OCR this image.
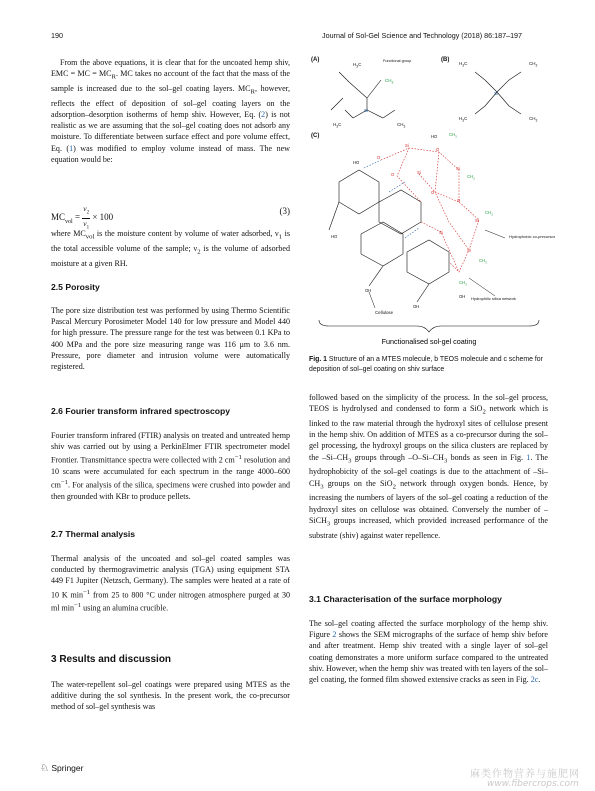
190	Journal of Sol-Gel Science and Technology (2018) 86:187–197

From the above equations, it is clear that for the uncoated hemp shiv, EMC = MC = $MC_R$. MC takes no account of the fact that the mass of the sample is increased due to the sol–gel coating layers. $MC_R$, however, reflects the effect of deposition of sol–gel coating layers on the adsorption–desorption isotherms of hemp shiv. However, Eq. (2) is not realistic as we are assuming that the sol–gel coating does not adsorb any moisture. To differentiate between surface effect and pore volume effect, Eq. (1) was modified to employ volume instead of mass. The new equation would be:

$MC_{vol} = \frac{\nu_2}{\nu_1} \times 100$
(3)

where $MC_{vol}$ is the moisture content by volume of water adsorbed, $\nu_1$ is the total accessible volume of the sample; $\nu_2$ is the volume of adsorbed moisture at a given RH.

2.5 Porosity

The pore size distribution test was performed by using Thermo Scientific Pascal Mercury Porosimeter Model 140 for low pressure and Model 440 for high pressure. The pressure range for the test was between 0.1 KPa to 400 MPa and the pore size measuring range was 116 μm to 3.6 nm. Pressure, pore diameter and intrusion volume were automatically registered.

2.6 Fourier transform infrared spectroscopy

Fourier transform infrared (FTIR) analysis on treated and untreated hemp shiv was carried out by using a PerkinElmer FTIR spectrometer model Frontier. Transmittance spectra were collected with 2 $cm^{-1}$ resolution and 10 scans were accumulated for each spectrum in the range 4000–600 $cm^{-1}$. For analysis of the silica, specimens were crushed into powder and then grounded with KBr to produce pellets.

2.7 Thermal analysis

Thermal analysis of the uncoated and sol–gel coated samples was conducted by thermogravimetric analysis (TGA) using equipment STA 449 F1 Jupiter (Netzsch, Germany). The samples were heated at a rate of 10 K $\min^{-1}$ from 25 to 800 °C under nitrogen atmosphere purged at 30 ml $\min^{-1} using$ an alumina crucible.

3 Results and discussion

The water-repellent sol–gel coatings were prepared using MTES as the additive during the sol synthesis. In the present work, the co-precursor method of sol–gel synthesis was

(A)	(B)
(C)
$H_3C$
Functional group
$CH_3$
Si
$H_3C$	$CH_3$
$H_3C$	$CH_3$
Si
$H_3C$	$CH_3$
Si
O
Si
Si
O
Si
Si
Si
O
O
O
$CH_3$
$CH_3$
$CH_3$
$CH_3$
$CH_3$
HO
HO
HO
OH
OH
OH
Hydrophobic co-precursor
Hydrophilic silica network
Cellulose
Functionalised sol-gel coating
Fig. 1 Structure of an a MTES molecule, b TEOS molecule and c scheme for deposition of sol–gel coating on shiv surface

followed based on the simplicity of the process. In the sol–gel process, TEOS is hydrolysed and condensed to form a SiO$_2$ network which is linked to the raw material through the hydroxyl sites of cellulose present in the hemp shiv. On addition of MTES as a co-precursor during the sol–gel processing, the hydroxyl groups on the silica clusters are replaced by the $-Si-CH_3$ groups through $-O-Si-CH_3$ bonds as seen in Fig. 1. The hydrophobicity of the sol–gel coatings is due to the attachment of $-Si-CH_3$ groups on the SiO$_2$ network through oxygen bonds. Hence, by increasing the numbers of layers of the sol–gel coating a reduction of the hydroxyl sites on cellulose was obtained. Conversely the number of –SiCH$_3$ groups increased, which provided increased performance of the substrate (shiv) against water repellence.

3.1 Characterisation of the surface morphology

The sol–gel coating affected the surface morphology of the hemp shiv. Figure 2 shows the SEM micrographs of the surface of hemp shiv before and after treatment. Hemp shiv treated with a single layer of sol–gel coating demonstrates a more uniform surface compared to the untreated shiv. However, when the hemp shiv was treated with ten layers of the sol–gel coating, the formed film showed extensive cracks as seen in Fig. 2c.

♘ Springer
麻类作物营养与施肥网
www.fibercrops.com
